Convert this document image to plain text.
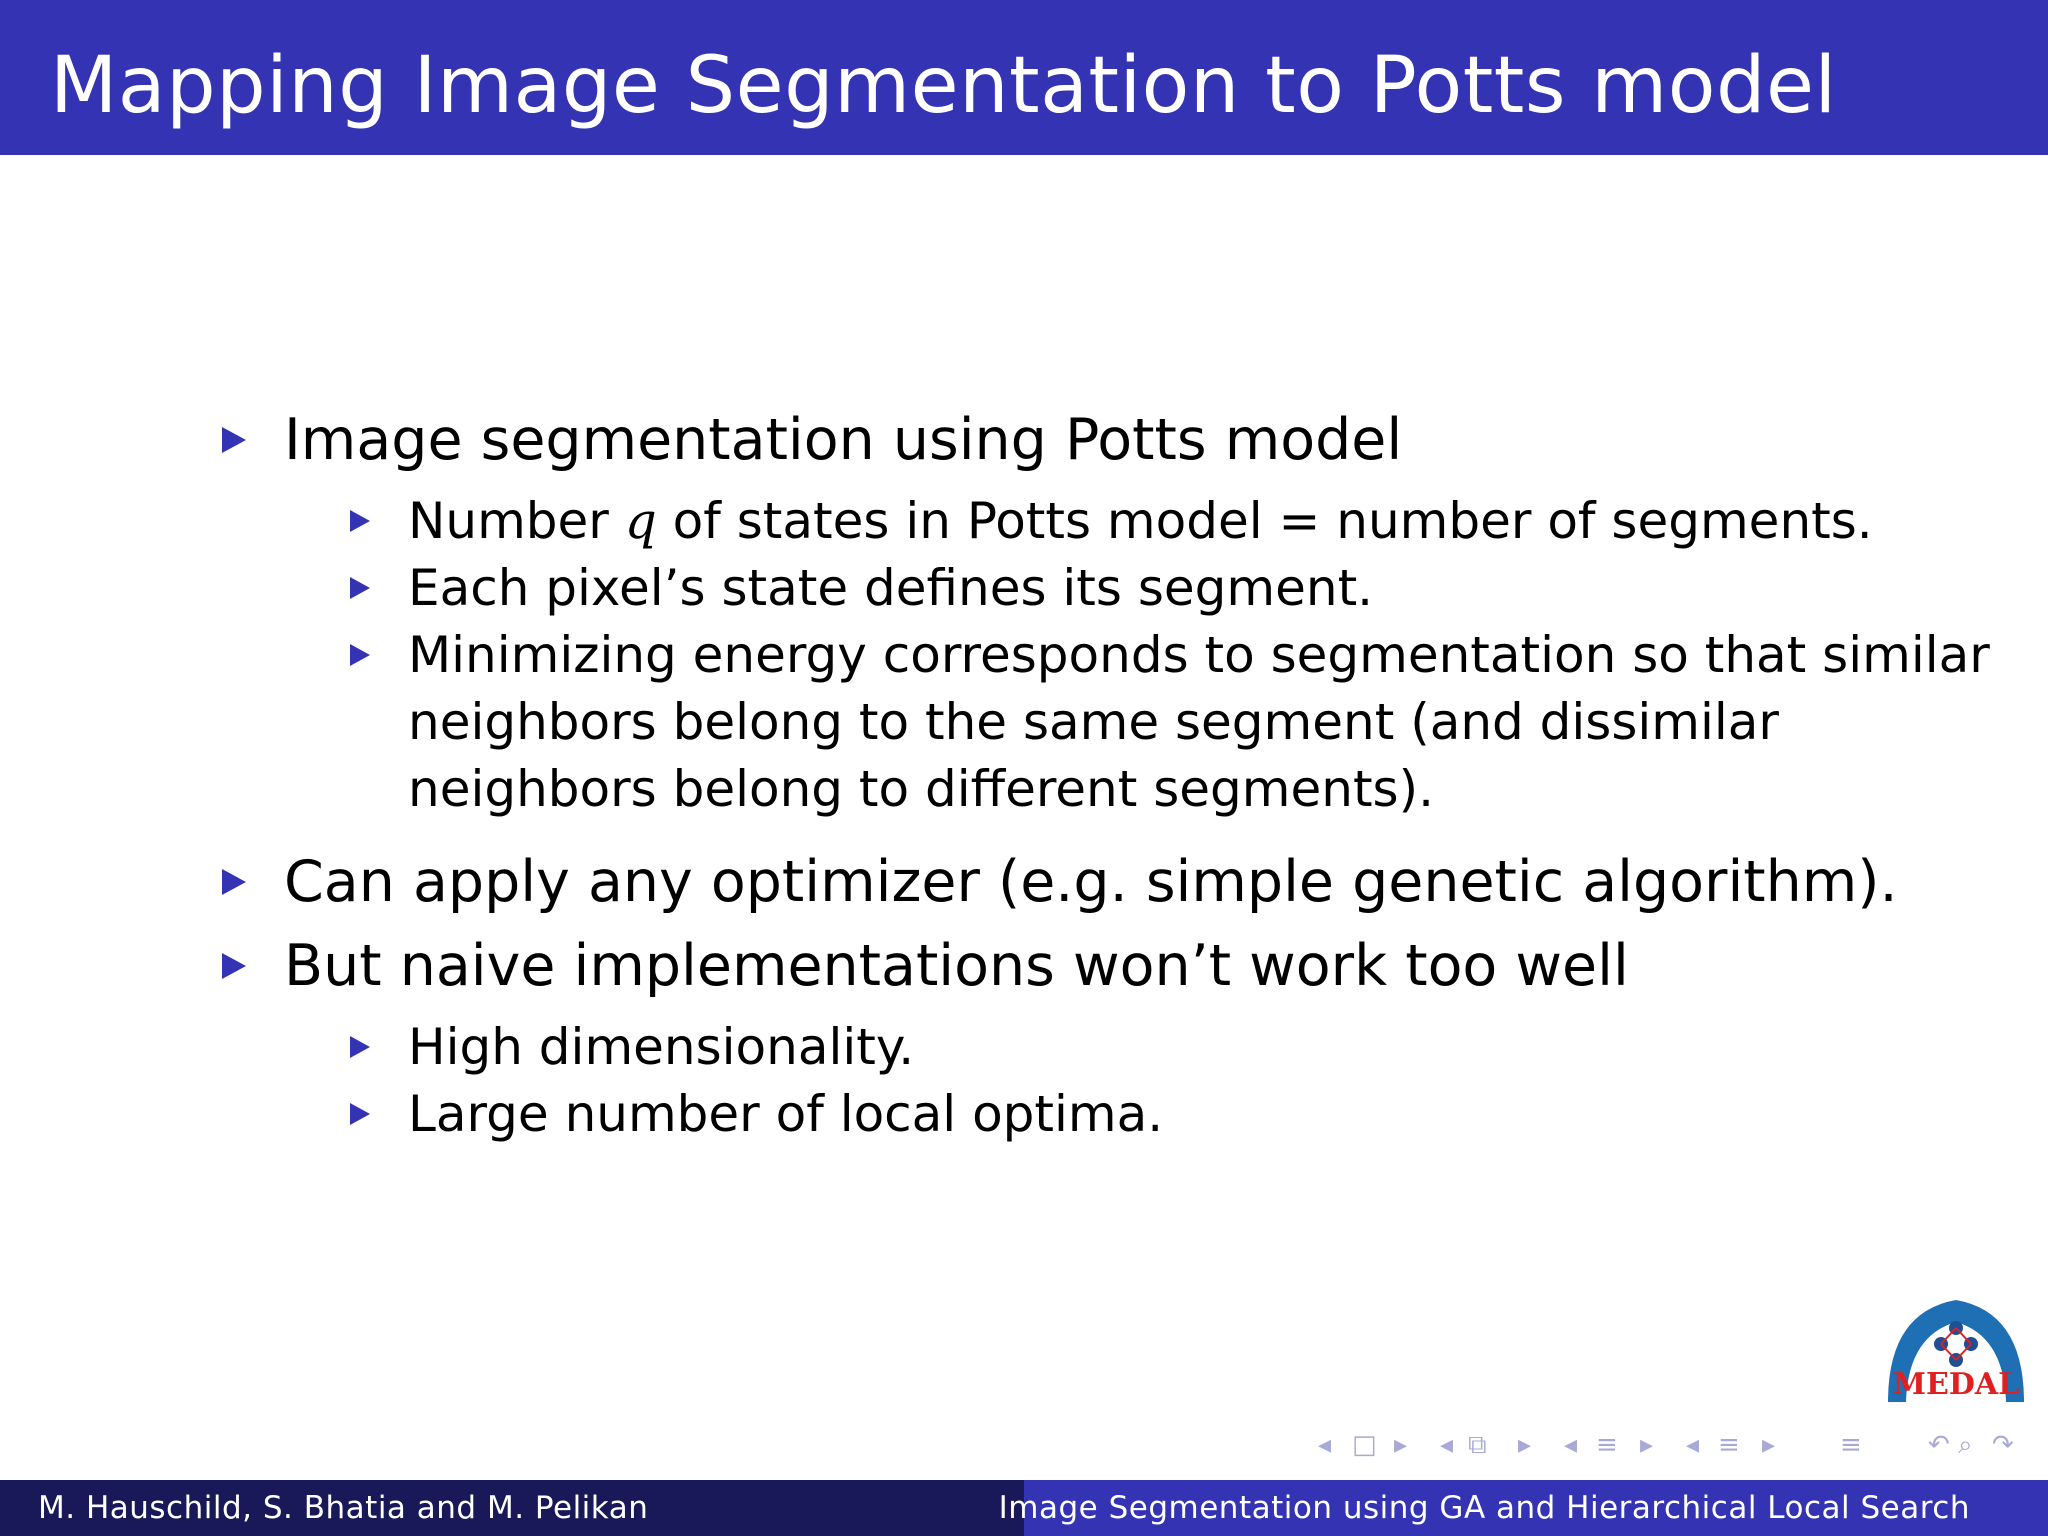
Mapping Image Segmentation to Potts model
Image segmentation using Potts model
Number q of states in Potts model = number of segments.
Each pixel’s state defines its segment.
Minimizing energy corresponds to segmentation so that similar
neighbors belong to the same segment (and dissimilar
neighbors belong to different segments).
Can apply any optimizer (e.g. simple genetic algorithm).
But naive implementations won’t work too well
High dimensionality.
Large number of local optima.
MEDAL
◂ □ ▸ ◂ ⧉ ▸ ◂ ≡ ▸ ◂ ≡ ▸ ≡	↶ ⌕ ↷
M. Hauschild, S. Bhatia and M. Pelikan	Image Segmentation using GA and Hierarchical Local Search
